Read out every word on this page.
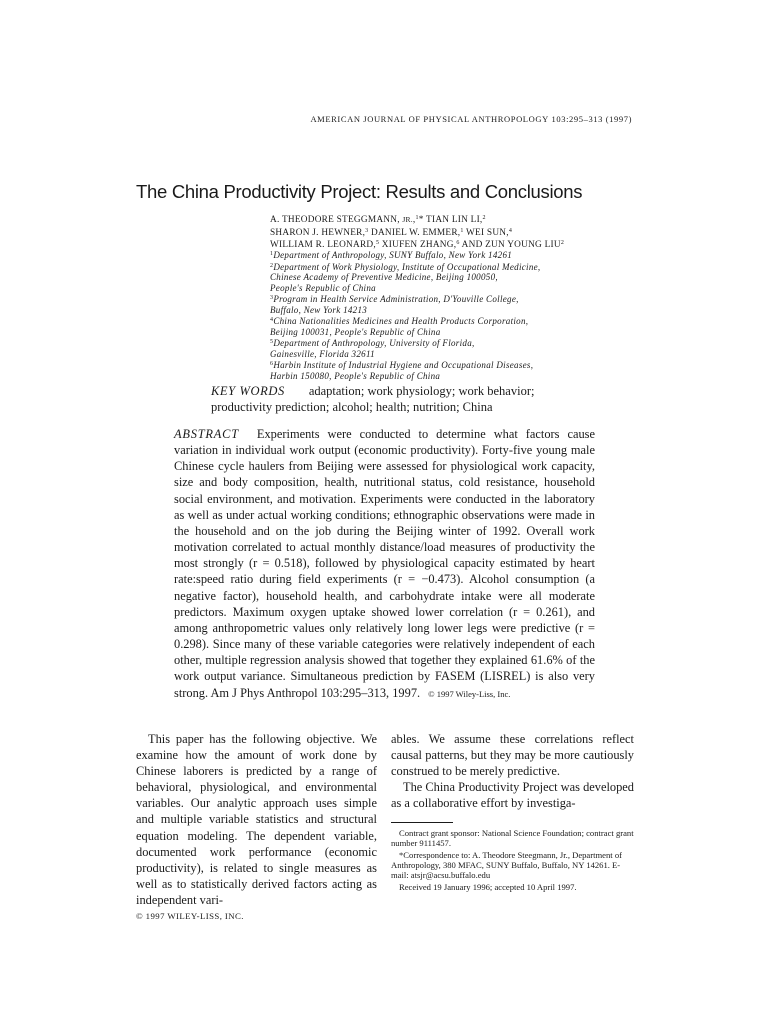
AMERICAN JOURNAL OF PHYSICAL ANTHROPOLOGY 103:295–313 (1997)
The China Productivity Project: Results and Conclusions
A. THEODORE STEGGMANN, JR.,$^1$* TIAN LIN LI,$^2$
SHARON J. HEWNER,$^3$ DANIEL W. EMMER,$^1$ WEI SUN,$^4$
WILLIAM R. LEONARD,$^5$ XIUFEN ZHANG,$^6$ AND ZUN YOUNG LIU$^2$
$^1$Department of Anthropology, SUNY Buffalo, New York 14261
$^2$Department of Work Physiology, Institute of Occupational Medicine,
Chinese Academy of Preventive Medicine, Beijing 100050,
People's Republic of China
$^3$Program in Health Service Administration, D'Youville College,
Buffalo, New York 14213
$^4$China Nationalities Medicines and Health Products Corporation,
Beijing 100031, People's Republic of China
$^5$Department of Anthropology, University of Florida,
Gainesville, Florida 32611
$^6$Harbin Institute of Industrial Hygiene and Occupational Diseases,
Harbin 150080, People's Republic of China
KEY WORDS adaptation; work physiology; work behavior;
productivity prediction; alcohol; health; nutrition; China
ABSTRACT Experiments were conducted to determine what factors cause variation in individual work output (economic productivity). Forty-five young male Chinese cycle haulers from Beijing were assessed for physiological work capacity, size and body composition, health, nutritional status, cold resistance, household social environment, and motivation. Experiments were conducted in the laboratory as well as under actual working conditions; ethnographic observations were made in the household and on the job during the Beijing winter of 1992. Overall work motivation correlated to actual monthly distance/load measures of productivity the most strongly (r = 0.518), followed by physiological capacity estimated by heart rate:speed ratio during field experiments (r = −0.473). Alcohol consumption (a negative factor), household health, and carbohydrate intake were all moderate predictors. Maximum oxygen uptake showed lower correlation (r = 0.261), and among anthropometric values only relatively long lower legs were predictive (r = 0.298). Since many of these variable categories were relatively independent of each other, multiple regression analysis showed that together they explained 61.6% of the work output variance. Simultaneous prediction by FASEM (LISREL) is also very strong. Am J Phys Anthropol 103:295–313, 1997. © 1997 Wiley-Liss, Inc.
This paper has the following objective. We examine how the amount of work done by Chinese laborers is predicted by a range of behavioral, physiological, and environmental variables. Our analytic approach uses simple and multiple variable statistics and structural equation modeling. The dependent variable, documented work performance (economic productivity), is related to single measures as well as to statistically derived factors acting as independent vari-
ables. We assume these correlations reflect causal patterns, but they may be more cautiously construed to be merely predictive.
The China Productivity Project was developed as a collaborative effort by investiga-

Contract grant sponsor: National Science Foundation; contract grant number 9111457.

*Correspondence to: A. Theodore Steegmann, Jr., Department of Anthropology, 380 MFAC, SUNY Buffalo, Buffalo, NY 14261. E-mail: atsjr@acsu.buffalo.edu

Received 19 January 1996; accepted 10 April 1997.

© 1997 WILEY-LISS, INC.
